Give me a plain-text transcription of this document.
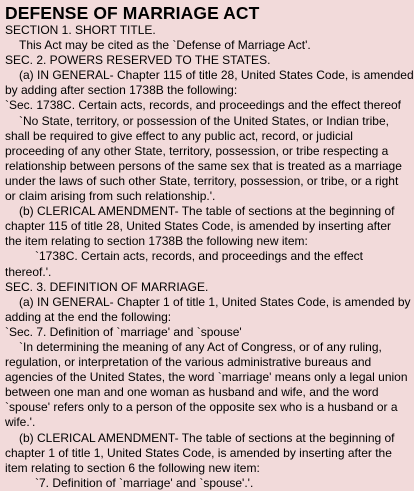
DEFENSE OF MARRIAGE ACT

SECTION 1. SHORT TITLE.

This Act may be cited as the `Defense of Marriage Act'.

SEC. 2. POWERS RESERVED TO THE STATES.

(a) IN GENERAL- Chapter 115 of title 28, United States Code, is amended

by adding after section 1738B the following:

`Sec. 1738C. Certain acts, records, and proceedings and the effect thereof

`No State, territory, or possession of the United States, or Indian tribe,

shall be required to give effect to any public act, record, or judicial

proceeding of any other State, territory, possession, or tribe respecting a

relationship between persons of the same sex that is treated as a marriage

under the laws of such other State, territory, possession, or tribe, or a right

or claim arising from such relationship.'.

(b) CLERICAL AMENDMENT- The table of sections at the beginning of

chapter 115 of title 28, United States Code, is amended by inserting after

the item relating to section 1738B the following new item:

`1738C. Certain acts, records, and proceedings and the effect

thereof.'.

SEC. 3. DEFINITION OF MARRIAGE.

(a) IN GENERAL- Chapter 1 of title 1, United States Code, is amended by

adding at the end the following:

`Sec. 7. Definition of `marriage' and `spouse'

`In determining the meaning of any Act of Congress, or of any ruling,

regulation, or interpretation of the various administrative bureaus and

agencies of the United States, the word `marriage' means only a legal union

between one man and one woman as husband and wife, and the word

`spouse' refers only to a person of the opposite sex who is a husband or a

wife.'.

(b) CLERICAL AMENDMENT- The table of sections at the beginning of

chapter 1 of title 1, United States Code, is amended by inserting after the

item relating to section 6 the following new item:

`7. Definition of `marriage' and `spouse'.'.
